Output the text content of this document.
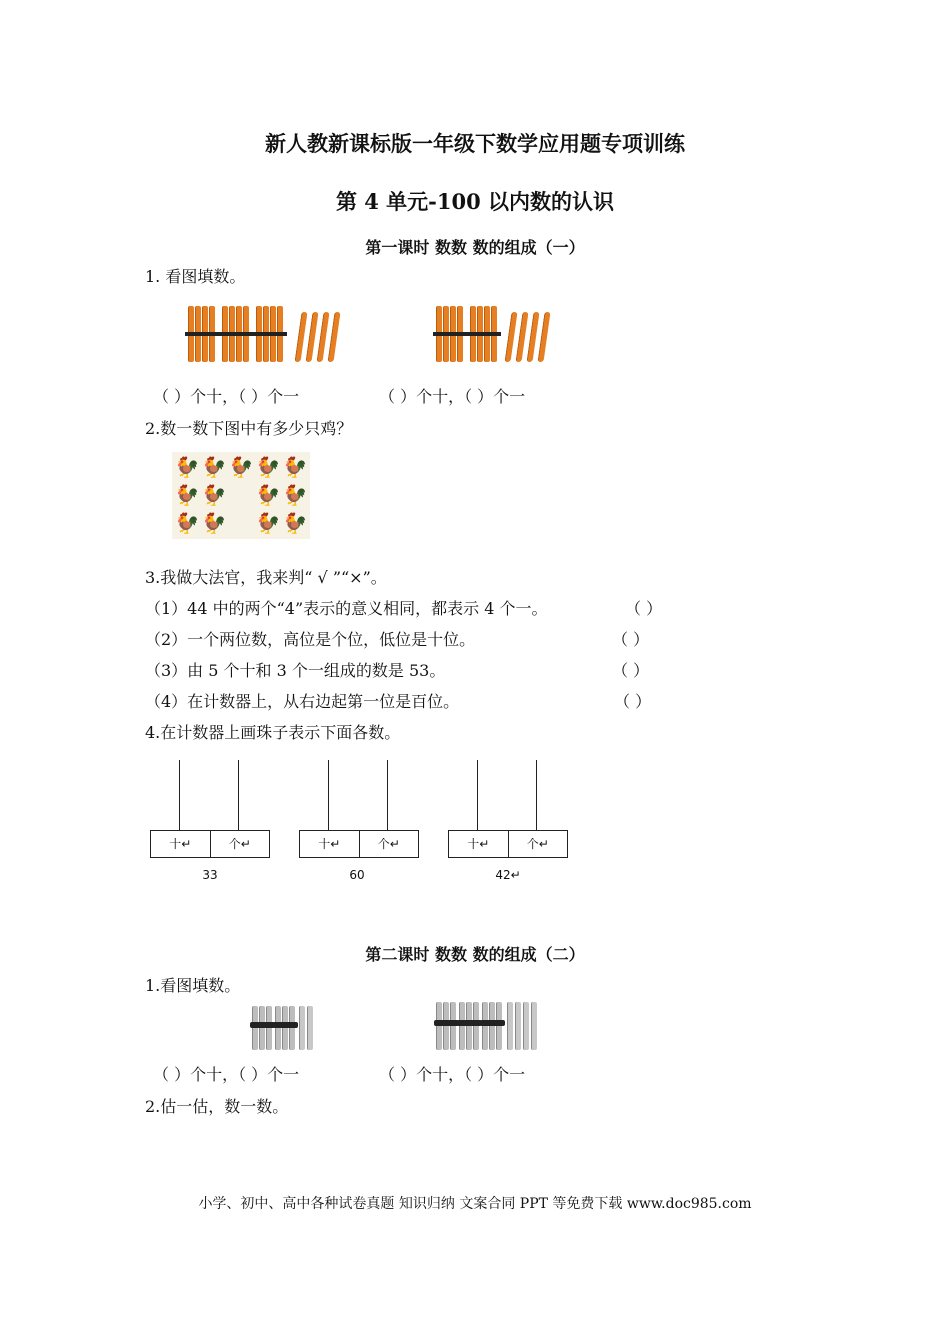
新人教新课标版一年级下数学应用题专项训练
第 4 单元-100 以内数的认识
第一课时 数数 数的组成（一）
1. 看图填数。
（ ）个十，（ ）个一	（ ）个十，（ ）个一
2.数一数下图中有多少只鸡？
🐓 🐓 🐓 🐓 🐓
🐓 🐓 🐓 🐓
🐓 🐓 🐓 🐓
3.我做大法官，我来判“ √ ”“×”。
（1）44 中的两个“4”表示的意义相同，都表示 4 个一。	（ ）
（2）一个两位数，高位是个位，低位是十位。	（ ）
（3）由 5 个十和 3 个一组成的数是 53。	（ ）
（4）在计数器上，从右边起第一位是百位。	（ ）
4.在计数器上画珠子表示下面各数。
十↵	个↵
33
十↵	个↵
60
十↵	个↵
42↵
第二课时 数数 数的组成（二）
1.看图填数。
（ ）个十，（ ）个一	（ ）个十，（ ）个一
2.估一估，数一数。
小学、初中、高中各种试卷真题 知识归纳 文案合同 PPT 等免费下载 www.doc985.com
